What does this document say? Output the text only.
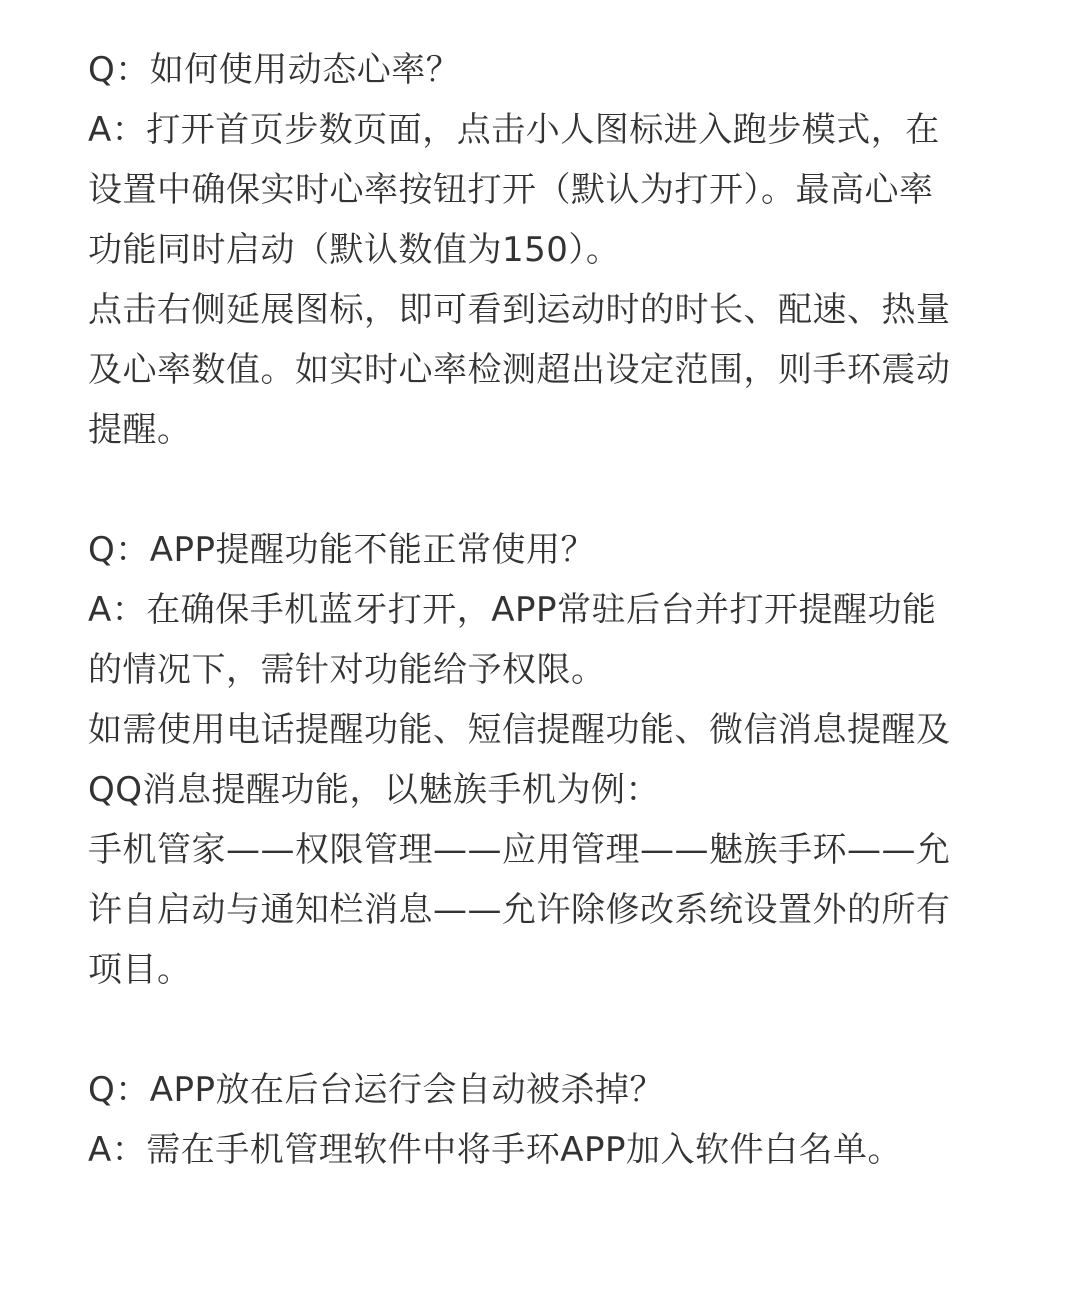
Q：如何使用动态心率？
A：打开首页步数页面，点击小人图标进入跑步模式，在
设置中确保实时心率按钮打开（默认为打开）。最高心率
功能同时启动（默认数值为150）。
点击右侧延展图标，即可看到运动时的时长、配速、热量
及心率数值。如实时心率检测超出设定范围，则手环震动
提醒。
Q：APP提醒功能不能正常使用？
A：在确保手机蓝牙打开，APP常驻后台并打开提醒功能
的情况下，需针对功能给予权限。
如需使用电话提醒功能、短信提醒功能、微信消息提醒及
QQ消息提醒功能，以魅族手机为例：
手机管家——权限管理——应用管理——魅族手环——允
许自启动与通知栏消息——允许除修改系统设置外的所有
项目。
Q：APP放在后台运行会自动被杀掉？
A：需在手机管理软件中将手环APP加入软件白名单。
